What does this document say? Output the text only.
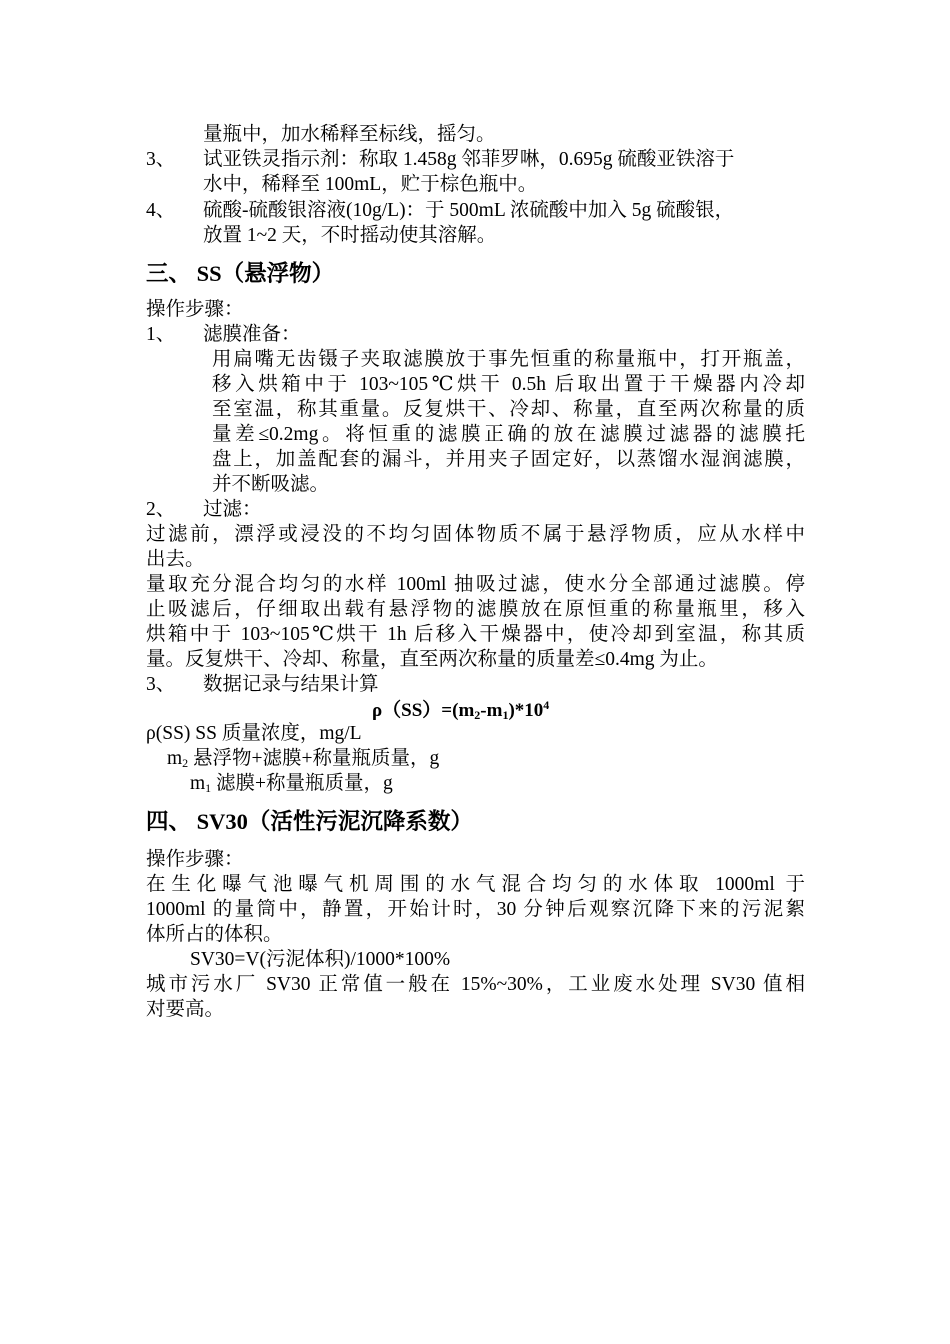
量瓶中，加水稀释至标线，摇匀。
3、 试亚铁灵指示剂：称取 1.458g 邻菲罗啉，0.695g 硫酸亚铁溶于
水中，稀释至 100mL，贮于棕色瓶中。
4、 硫酸-硫酸银溶液(10g/L)：于 500mL 浓硫酸中加入 5g 硫酸银，
放置 1~2 天，不时摇动使其溶解。
三、 SS（悬浮物）
操作步骤：
1、 滤膜准备：
用扁嘴无齿镊子夹取滤膜放于事先恒重的称量瓶中，打开瓶盖，
移入烘箱中于 103~105℃烘干 0.5h 后取出置于干燥器内冷却
至室温，称其重量。反复烘干、冷却、称量，直至两次称量的质
量差≤0.2mg。将恒重的滤膜正确的放在滤膜过滤器的滤膜托
盘上，加盖配套的漏斗，并用夹子固定好，以蒸馏水湿润滤膜，
并不断吸滤。
2、 过滤：
过滤前，漂浮或浸没的不均匀固体物质不属于悬浮物质，应从水样中
出去。
量取充分混合均匀的水样 100ml 抽吸过滤，使水分全部通过滤膜。停
止吸滤后，仔细取出载有悬浮物的滤膜放在原恒重的称量瓶里，移入
烘箱中于 103~105℃烘干 1h 后移入干燥器中，使冷却到室温，称其质
量。反复烘干、冷却、称量，直至两次称量的质量差≤0.4mg 为止。
3、 数据记录与结果计算
$\rho(SS)=(m_2-m_1)*10^4$
ρ(SS) SS 质量浓度，mg/L
$m_2$ 悬浮物+滤膜+称量瓶质量，g
$m_1$ 滤膜+称量瓶质量，g
四、 SV30（活性污泥沉降系数）
操作步骤：
在生化曝气池曝气机周围的水气混合均匀的水体取 1000ml 于
1000ml 的量筒中，静置，开始计时，30 分钟后观察沉降下来的污泥絮
体所占的体积。
SV30=V(污泥体积)/1000*100%
城市污水厂 SV30 正常值一般在 15%~30%，工业废水处理 SV30 值相
对要高。
